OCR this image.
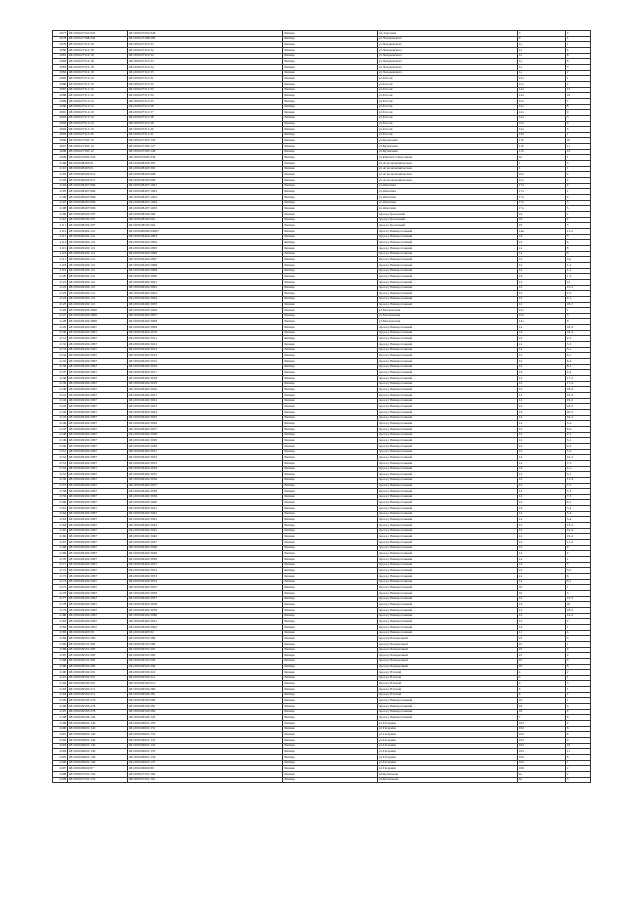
2077	48:20:0027501:635	48:20:0027501:646	Липецк	пл.Торговая	3	4
2078	48:20:0027308:204	48:20:0027308:269	Липецк	ул.Чаадаевского	9	1
2079	48:20:0027312:16	48:20:0027312:33	Липецк	ул.Чаадаевского	1а	1
2080	48:20:0027312:18	48:20:0027312:32	Липецк	ул.Чаадаевского	1а	4
2081	48:20:0027312:18	48:20:0027312:32	Липецк	ул.Чаадаевского	1а	6
2082	48:20:0027312:18	48:20:0027312:33	Липецк	ул.Чаадаевского	1а	8
2083	48:20:0027312:18	48:20:0027312:34	Липецк	ул.Чаадаевского	1а	3
2084	48:20:0027312:18	48:20:0027312:35	Липецк	ул.Чаадаевского	1а	2
2085	48:20:0027311:19	48:20:0027311:31	Липецк	ул.Гоголя	12а	1
2086	48:20:0027311:19	48:20:0027311:32	Липецк	ул.Гоголя	12а	2
2087	48:20:0027311:19	48:20:0027311:33	Липецк	ул.Гоголя	12а	12
2088	48:20:0027311:19	48:20:0027311:34	Липецк	ул.Гоголя	12а	10
2089	48:20:0027311:19	48:20:0027311:35	Липецк	ул.Гоголя	12а	7
2090	48:20:0027311:19	48:20:0027311:36	Липецк	ул.Гоголя	12а	8
2091	48:20:0027311:19	48:20:0027311:37	Липецк	ул.Гоголя	12а	9
2092	48:20:0027311:19	48:20:0027311:38	Липецк	ул.Гоголя	12а	3
2093	48:20:0027311:19	48:20:0027311:39	Липецк	ул.Гоголя	12а	6
2094	48:20:0027311:19	48:20:0027311:40	Липецк	ул.Гоголя	12а	5
2095	48:20:0027311:20	48:20:0027311:41	Липецк	ул.Гоголя	12б	1
2096	48:20:0027305:12	48:20:0027305:126	Липецк	ул.Кузнечная	11б	10
2097	48:20:0027305:12	48:20:0027305:127	Липецк	ул.Кузнечная	11б	11
2098	48:20:0027305:12	48:20:0027305:128	Липецк	ул.Кузнечная	11б	12
2099	48:20:0027605:334	48:20:0027605:339	Липецк	ул.Римского-Корсакова	4а	1
2100	48:20:0028403:61	48:20:0028403:301	Липецк	ул.Агроэкономическая	1	3
2101	48:20:0028403:61	48:20:0028403:302	Липецк	ул.Агроэкономическая	1	1
2102	48:20:0028403:914	48:20:0028403:998	Липецк	ул.Агроэкономическая	10а	4
2103	48:20:0028403:915	48:20:0028403:999	Липецк	ул.Агроэкономическая	12а	2
2104	48:20:0028407:996	48:20:0028407:1001	Липецк	ул.Опытная	17а	2
2105	48:20:0028407:996	48:20:0028407:1002	Липецк	ул.Опытная	17а	1
2106	48:20:0028407:996	48:20:0028407:1003	Липецк	ул.Опытная	17а	4
2107	48:20:0028407:996	48:20:0028407:1004	Липецк	ул.Опытная	17а	3
2108	48:20:0028407:996	48:20:0028407:1005	Липецк	ул.Опытная	17а	5
2109	48:20:0028502:207	48:20:0028502:260	Липецк	проезд Тресковый	19	1
2110	48:20:0028502:207	48:20:0028502:261	Липецк	проезд Тресковый	19	2
2111	48:20:0028502:207	48:20:0028502:262	Липецк	проезд Тресковый	19	3
2112	48:20:0029402:121	48:20:0000000:24997	Липецк	проезд Универсальный	14в	11-2
2113	48:20:0029402:121	48:20:0029402:2993	Липецк	проезд Универсальный	14	3
2114	48:20:0029402:121	48:20:0029402:2994	Липецк	проезд Универсальный	14	6
2115	48:20:0029402:121	48:20:0029402:2995	Липецк	проезд Универсальный	14	8
2116	48:20:0029402:121	48:20:0029402:2996	Липецк	проезд Универсальный	14	9
2117	48:20:0029402:121	48:20:0029402:2997	Липецк	проезд Универсальный	14	1м
2118	48:20:0029402:121	48:20:0029402:2998	Липецк	проезд Универсальный	14	1-2
2119	48:20:0029402:121	48:20:0029402:2999	Липецк	проезд Универсальный	14	1-1
2120	48:20:0029402:121	48:20:0029402:3000	Липецк	проезд Универсальный	14	1-3
2121	48:20:0029402:121	48:20:0029402:3001	Липецк	проезд Универсальный	14	12
2122	48:20:0029402:121	48:20:0029402:3002	Липецк	проезд Универсальный	14	15-3
2123	48:20:0029402:121	48:20:0029402:3003	Липецк	проезд Универсальный	14	2-2
2124	48:20:0029402:121	48:20:0029402:3004	Липецк	проезд Универсальный	14	2-1
2125	48:20:0029402:121	48:20:0029402:3005	Липецк	проезд Универсальный	14	18-3
2126	48:20:0029402:2806	48:20:0029402:3006	Липецк	ул.Московская	12а	1
2127	48:20:0029402:2806	48:20:0029402:3007	Липецк	ул.Московская	12а	3
2128	48:20:0029402:2806	48:20:0029402:3008	Липецк	ул.Московская	12а	6
2129	48:20:0029402:2997	48:20:0029402:3009	Липецк	проезд Универсальный	14	18-4
2130	48:20:0029402:2997	48:20:0029402:3010	Липецк	проезд Универсальный	14	18-4
2131	48:20:0029402:2997	48:20:0029402:3011	Липецк	проезд Универсальный	14	2-3
2132	48:20:0029402:2997	48:20:0029402:3012	Липецк	проезд Универсальный	14	3-3
2133	48:20:0029402:2997	48:20:0029402:3013	Липецк	проезд Универсальный	14	3-1
2134	48:20:0029402:2997	48:20:0029402:3014	Липецк	проезд Универсальный	14	6-1
2135	48:20:0029402:2997	48:20:0029402:3015	Липецк	проезд Универсальный	14	6-4
2136	48:20:0029402:2997	48:20:0029402:3016	Липецк	проезд Универсальный	14	8-3
2137	48:20:0029402:2997	48:20:0029402:3017	Липецк	проезд Универсальный	14	4-4
2138	48:20:0029402:2997	48:20:0029402:3018	Липецк	проезд Универсальный	14	17-2
2139	48:20:0029402:2997	48:20:0029402:3019	Липецк	проезд Универсальный	14	17-4
2140	48:20:0029402:2997	48:20:0029402:3020	Липецк	проезд Универсальный	14	18-4
2141	48:20:0029402:2997	48:20:0029402:3021	Липецк	проезд Универсальный	14	16-4
2142	48:20:0029402:2997	48:20:0029402:3022	Липецк	проезд Универсальный	14	19-2
2143	48:20:0029402:2997	48:20:0029402:3023	Липецк	проезд Универсальный	14	22-2
2144	48:20:0029402:2997	48:20:0029402:3024	Липецк	проезд Универсальный	14	20-2
2145	48:20:0029402:2997	48:20:0029402:3025	Липецк	проезд Универсальный	14	16-2
2146	48:20:0029402:2997	48:20:0029402:3026	Липецк	проезд Универсальный	14	5-2
2147	48:20:0029402:2997	48:20:0029402:3027	Липецк	проезд Универсальный	14	6-2
2148	48:20:0029402:2997	48:20:0029402:3028	Липецк	проезд Универсальный	14	2-1
2149	48:20:0029402:2997	48:20:0029402:3029	Липецк	проезд Универсальный	14	3-1
2150	48:20:0029402:2997	48:20:0029402:3030	Липецк	проезд Универсальный	14	4-2
2151	48:20:0029402:2997	48:20:0029402:3031	Липецк	проезд Универсальный	14	5-2
2152	48:20:0029402:2997	48:20:0029402:3032	Липецк	проезд Универсальный	14	22-2
2153	48:20:0029402:2997	48:20:0029402:3033	Липецк	проезд Универсальный	14	7-3
2154	48:20:0029402:2997	48:20:0029402:3034	Липецк	проезд Универсальный	14	4-1
2155	48:20:0029402:2997	48:20:0029402:3035	Липецк	проезд Универсальный	14	5-1
2156	48:20:0029402:2997	48:20:0029402:3036	Липецк	проезд Универсальный	14	11-4
2157	48:20:0029402:2997	48:20:0029402:3037	Липецк	проезд Универсальный	14	7-1
2158	48:20:0029402:2997	48:20:0029402:3038	Липецк	проезд Универсальный	14	7-2
2159	48:20:0029402:2997	48:20:0029402:3039	Липецк	проезд Универсальный	14	7-3
2160	48:20:0029402:2997	48:20:0029402:3040	Липецк	проезд Универсальный	14	8-1
2161	48:20:0029402:2997	48:20:0029402:3041	Липецк	проезд Универсальный	14	3-4
2162	48:20:0029402:2997	48:20:0029402:3042	Липецк	проезд Универсальный	14	3-4
2163	48:20:0029402:2997	48:20:0029402:3043	Липецк	проезд Универсальный	14	5-4
2164	48:20:0029402:2997	48:20:0029402:3044	Липецк	проезд Универсальный	14	13-4
2165	48:20:0029402:2997	48:20:0029402:3045	Липецк	проезд Универсальный	14	12-4
2166	48:20:0029402:2997	48:20:0029402:3046	Липецк	проезд Универсальный	14	10-4
2167	48:20:0029402:2997	48:20:0029402:3047	Липецк	проезд Универсальный	14	11-4
2168	48:20:0029402:2997	48:20:0029402:3048	Липецк	проезд Универсальный	14	9
2169	48:20:0029402:2997	48:20:0029402:3049	Липецк	проезд Универсальный	14	2
2170	48:20:0029402:2997	48:20:0029402:3050	Липецк	проезд Универсальный	14	1
2171	48:20:0029402:2997	48:20:0029402:3051	Липецк	проезд Универсальный	14	5
2172	48:20:0029402:2997	48:20:0029402:3052	Липецк	проезд Универсальный	14	5-2
2173	48:20:0029402:2997	48:20:0029402:3053	Липецк	проезд Универсальный	14	6
2174	48:20:0029402:2997	48:20:0029402:3054	Липецк	проезд Универсальный	14	9-1
2175	48:20:0029402:2997	48:20:0029402:3055	Липецк	проезд Универсальный	10	1
2176	48:20:0029402:2997	48:20:0029402:3056	Липецк	проезд Универсальный	10	3
2177	48:20:0029402:2997	48:20:0029402:3057	Липецк	проезд Универсальный	14	15-3
2178	48:20:0029402:2997	48:20:0029402:3058	Липецк	проезд Универсальный	14	26
2179	48:20:0029402:2997	48:20:0029402:3059	Липецк	проезд Универсальный	14	18-3
2180	48:20:0029402:2997	48:20:0029402:3060	Липецк	проезд Универсальный	14	14-3
2181	48:20:0029402:2997	48:20:0029402:3061	Липецк	проезд Универсальный	14	2
2182	48:20:0029402:2997	48:20:0029402:3062	Липецк	проезд Универсальный	14	1
2183	48:20:0029403:58	48:20:0029403:62	Липецк	проезд Универсальный	11	4
2184	48:20:0029501:283	48:20:0029501:289	Липецк	проезд Поперечный	25	3
2185	48:20:0029501:283	48:20:0029501:290	Липецк	проезд Поперечный	25	1
2186	48:20:0029501:283	48:20:0029501:291	Липецк	проезд Поперечный	25	4
2187	48:20:0029501:283	48:20:0029501:292	Липецк	проезд Поперечный	25	2
2188	48:20:0029501:283	48:20:0029501:293	Липецк	проезд Поперечный	25	5
2189	48:20:0029501:283	48:20:0029501:294	Липецк	проезд Поперечный	25	6
2190	48:20:0029502:201	48:20:0029502:210	Липецк	проезд Угловой	4	2
2191	48:20:0029502:201	48:20:0029502:211	Липецк	проезд Угловой	4	1
2192	48:20:0029502:201	48:20:0029502:212	Липецк	проезд Угловой	4	3
2193	48:20:0029502:271	48:20:0029502:280	Липецк	проезд Угловой	6	1
2194	48:20:0029502:271	48:20:0029502:281	Липецк	проезд Угловой	6	2
2195	48:20:0029503:278	48:20:0029503:280	Липецк	проезд Универсальный	16	1
2196	48:20:0029503:278	48:20:0029503:281	Липецк	проезд Универсальный	16	3
2197	48:20:0029503:278	48:20:0029503:282	Липецк	проезд Универсальный	16	2
2198	48:20:0029504:144	48:20:0029504:145	Липецк	проезд Универсальный	7	6
2199	48:20:0029601:140	48:20:0029601:150	Липецк	ул.Гагарина	102	4
2200	48:20:0029601:140	48:20:0029601:151	Липецк	ул.Гагарина	102	6
2201	48:20:0029601:140	48:20:0029601:152	Липецк	ул.Гагарина	102	8
2202	48:20:0029601:140	48:20:0029601:153	Липецк	ул.Гагарина	102	9
2203	48:20:0029601:140	48:20:0029601:154	Липецк	ул.Гагарина	102	10
2204	48:20:0029601:140	48:20:0029601:155	Липецк	ул.Гагарина	102	11
2205	48:20:0029601:140	48:20:0029601:156	Липецк	ул.Гагарина	102	8
2206	48:20:0029601:140	48:20:0029601:157	Липецк	ул.Гагарина	102	1
2207	48:20:0029602:87	48:20:0029602:89	Липецк	ул.Гагарина	106	2
2208	48:20:0027501:154	48:20:0027501:160	Липецк	пл.Кузнечная	4а	2
2209	48:20:0027501:154	48:20:0027501:161	Липецк	пл.Кузнечная	4а	3
